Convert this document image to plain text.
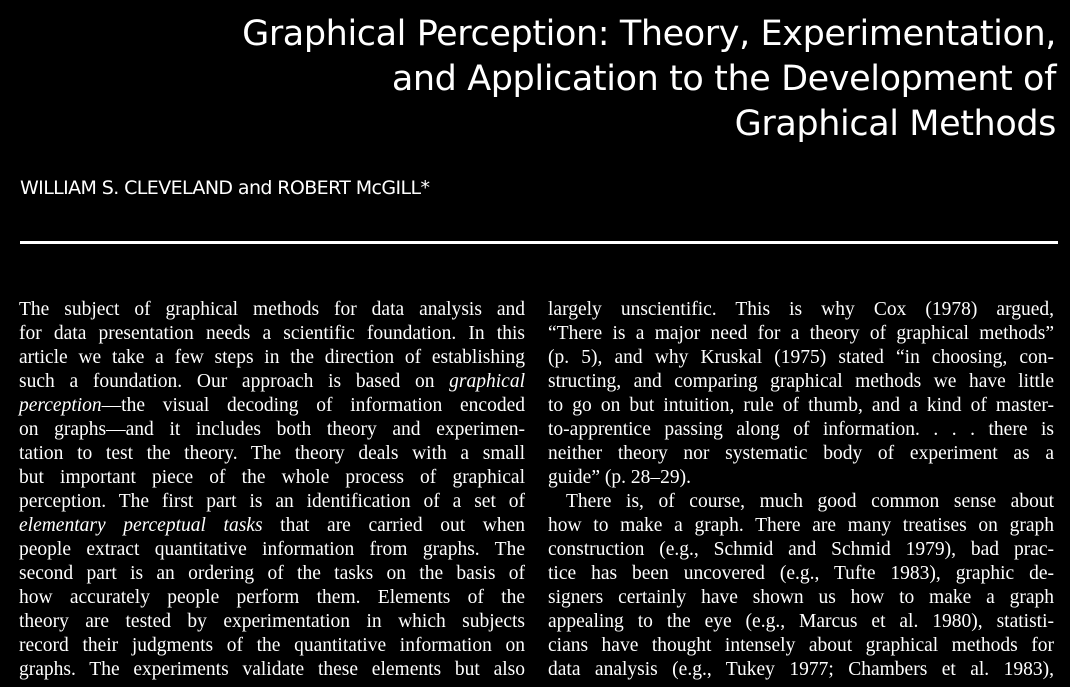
Graphical Perception: Theory, Experimentation,
and Application to the Development of
Graphical Methods

WILLIAM S. CLEVELAND and ROBERT McGILL*

The subject of graphical methods for data analysis and
for data presentation needs a scientific foundation. In this
article we take a few steps in the direction of establishing
such a foundation. Our approach is based on graphical
perception—the visual decoding of information encoded
on graphs—and it includes both theory and experimen-
tation to test the theory. The theory deals with a small
but important piece of the whole process of graphical
perception. The first part is an identification of a set of
elementary perceptual tasks that are carried out when
people extract quantitative information from graphs. The
second part is an ordering of the tasks on the basis of
how accurately people perform them. Elements of the
theory are tested by experimentation in which subjects
record their judgments of the quantitative information on
graphs. The experiments validate these elements but also
largely unscientific. This is why Cox (1978) argued,
“There is a major need for a theory of graphical methods”
(p. 5), and why Kruskal (1975) stated “in choosing, con-
structing, and comparing graphical methods we have little
to go on but intuition, rule of thumb, and a kind of master-
to-apprentice passing along of information. . . . there is
neither theory nor systematic body of experiment as a
guide” (p. 28–29).
There is, of course, much good common sense about
how to make a graph. There are many treatises on graph
construction (e.g., Schmid and Schmid 1979), bad prac-
tice has been uncovered (e.g., Tufte 1983), graphic de-
signers certainly have shown us how to make a graph
appealing to the eye (e.g., Marcus et al. 1980), statisti-
cians have thought intensely about graphical methods for
data analysis (e.g., Tukey 1977; Chambers et al. 1983),
